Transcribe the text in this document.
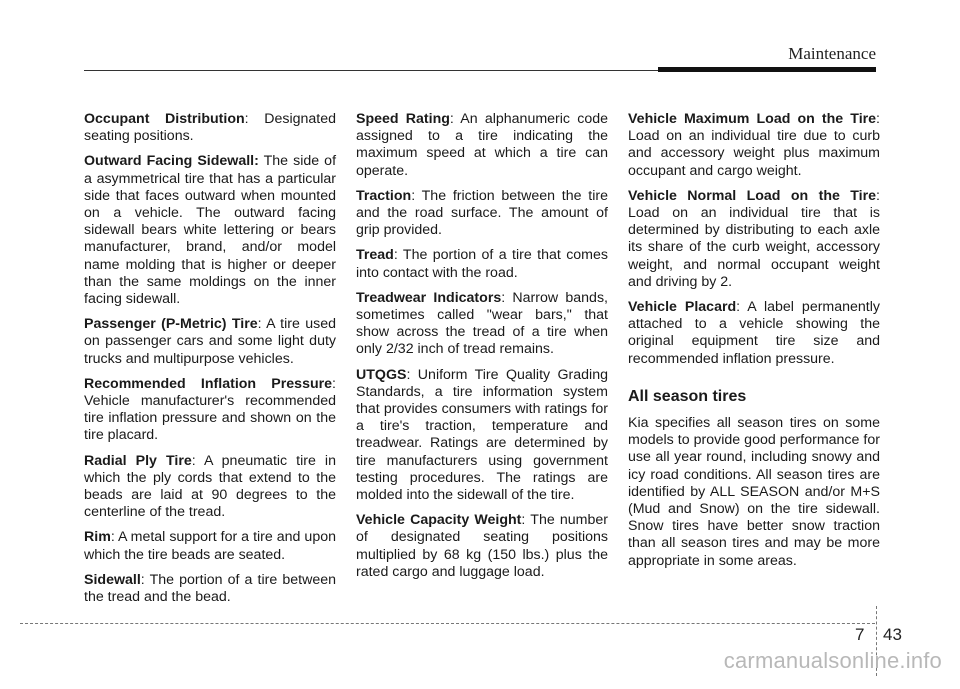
Maintenance

Occupant Distribution: Designated seating positions.

Outward Facing Sidewall: The side of a asymmetrical tire that has a particular side that faces outward when mounted on a vehicle. The outward facing sidewall bears white lettering or bears manufacturer, brand, and/or model name molding that is higher or deeper than the same moldings on the inner facing sidewall.

Passenger (P-Metric) Tire: A tire used on passenger cars and some light duty trucks and multipurpose vehicles.

Recommended Inflation Pressure: Vehicle manufacturer's recommended tire inflation pressure and shown on the tire placard.

Radial Ply Tire: A pneumatic tire in which the ply cords that extend to the beads are laid at 90 degrees to the centerline of the tread.

Rim: A metal support for a tire and upon which the tire beads are seated.

Sidewall: The portion of a tire between the tread and the bead.

Speed Rating: An alphanumeric code assigned to a tire indicating the maximum speed at which a tire can operate.

Traction: The friction between the tire and the road surface. The amount of grip provided.

Tread: The portion of a tire that comes into contact with the road.

Treadwear Indicators: Narrow bands, sometimes called "wear bars," that show across the tread of a tire when only 2/32 inch of tread remains.

UTQGS: Uniform Tire Quality Grading Standards, a tire information system that provides consumers with ratings for a tire's traction, temperature and treadwear. Ratings are determined by tire manufacturers using government testing procedures. The ratings are molded into the sidewall of the tire.

Vehicle Capacity Weight: The number of designated seating positions multiplied by 68 kg (150 lbs.) plus the rated cargo and luggage load.

Vehicle Maximum Load on the Tire: Load on an individual tire due to curb and accessory weight plus maximum occupant and cargo weight.

Vehicle Normal Load on the Tire: Load on an individual tire that is determined by distributing to each axle its share of the curb weight, accessory weight, and normal occupant weight and driving by 2.

Vehicle Placard: A label permanently attached to a vehicle showing the original equipment tire size and recommended inflation pressure.

All season tires

Kia specifies all season tires on some models to provide good performance for use all year round, including snowy and icy road conditions. All season tires are identified by ALL SEASON and/or M+S (Mud and Snow) on the tire sidewall. Snow tires have better snow traction than all season tires and may be more appropriate in some areas.

7 43
carmanualsonline.info
